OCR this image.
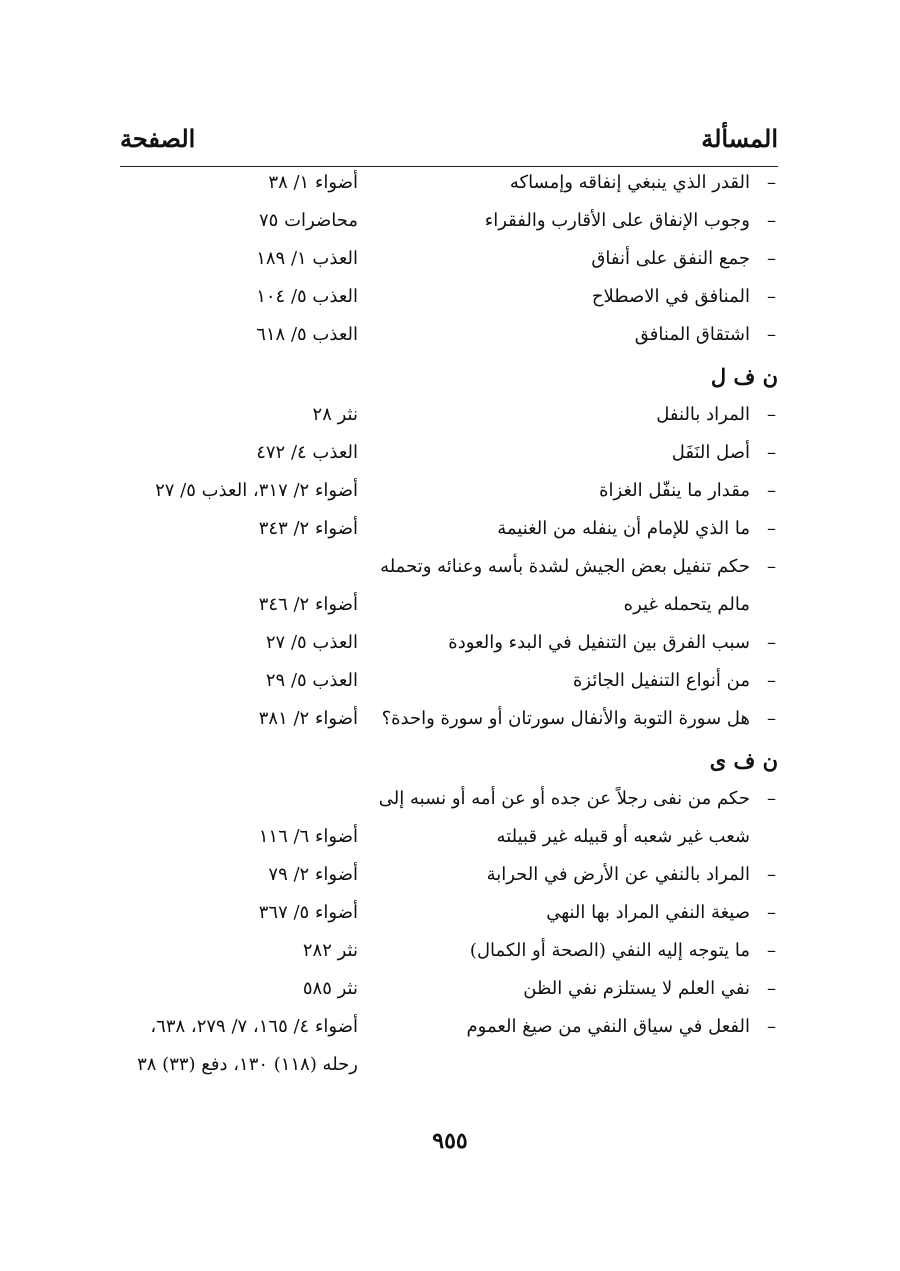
المسألة
الصفحة
–
القدر الذي ينبغي إنفاقه وإمساكه
أضواء ١/ ٣٨
–
وجوب الإنفاق على الأقارب والفقراء
محاضرات ٧٥
–
جمع النفق على أنفاق
العذب ١/ ١٨٩
–
المنافق في الاصطلاح
العذب ٥/ ١٠٤
–
اشتقاق المنافق
العذب ٥/ ٦١٨
ن ف ل
–
المراد بالنفل
نثر ٢٨
–
أصل النَفَل
العذب ٤/ ٤٧٢
–
مقدار ما ينفّل الغزاة
أضواء ٢/ ٣١٧، العذب ٥/ ٢٧
–
ما الذي للإمام أن ينفله من الغنيمة
أضواء ٢/ ٣٤٣
–
حكم تنفيل بعض الجيش لشدة بأسه وعنائه وتحمله
مالم يتحمله غيره
أضواء ٢/ ٣٤٦
–
سبب الفرق بين التنفيل في البدء والعودة
العذب ٥/ ٢٧
–
من أنواع التنفيل الجائزة
العذب ٥/ ٢٩
–
هل سورة التوبة والأنفال سورتان أو سورة واحدة؟
أضواء ٢/ ٣٨١
ن ف ى
–
حكم من نفى رجلاً عن جده أو عن أمه أو نسبه إلى
شعب غير شعبه أو قبيله غير قبيلته
أضواء ٦/ ١١٦
–
المراد بالنفي عن الأرض في الحرابة
أضواء ٢/ ٧٩
–
صيغة النفي المراد بها النهي
أضواء ٥/ ٣٦٧
–
ما يتوجه إليه النفي (الصحة أو الكمال)
نثر ٢٨٢
–
نفي العلم لا يستلزم نفي الظن
نثر ٥٨٥
–
الفعل في سياق النفي من صيغ العموم
أضواء ٤/ ١٦٥، ٧/ ٢٧٩، ٦٣٨،
رحله (١١٨) ١٣٠، دفع (٣٣) ٣٨
٩٥٥
